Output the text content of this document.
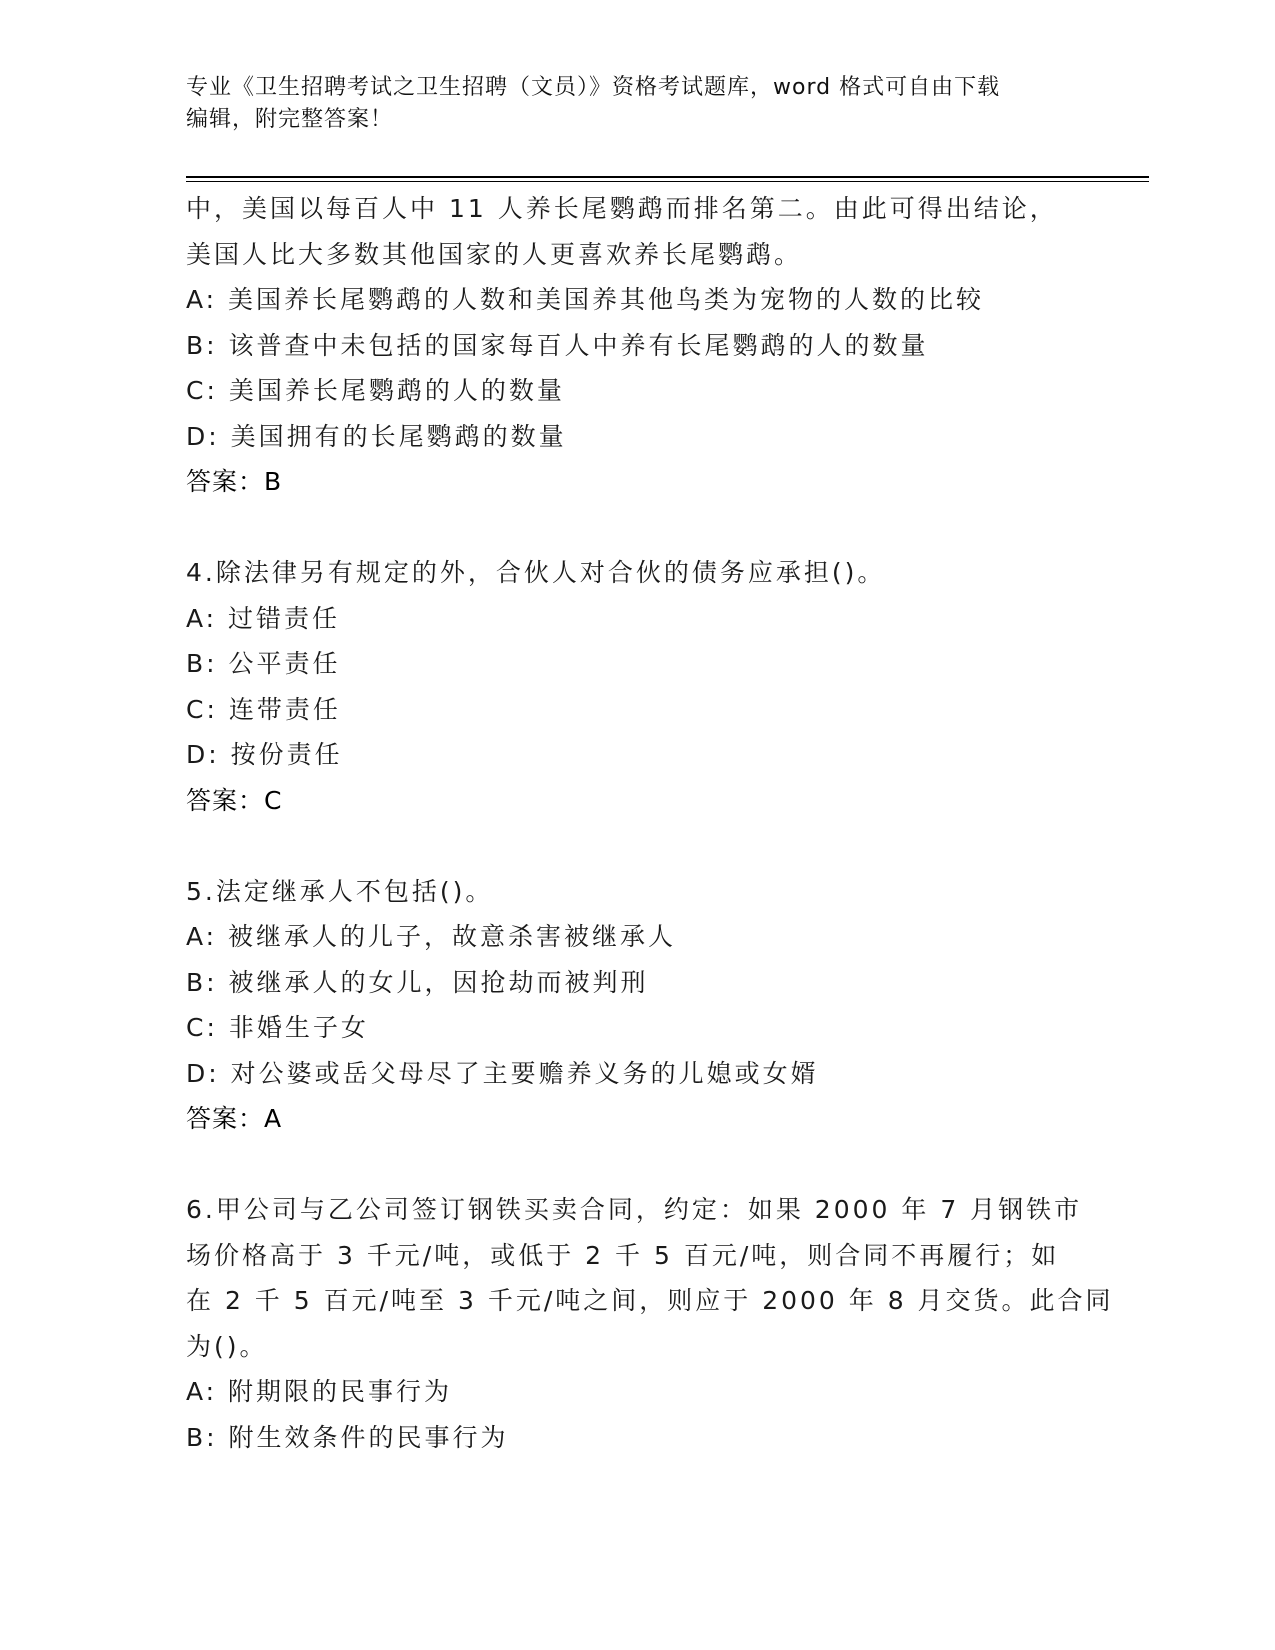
专业《卫生招聘考试之卫生招聘（文员）》资格考试题库，word 格式可自由下载
编辑，附完整答案！
中，美国以每百人中 11 人养长尾鹦鹉而排名第二。由此可得出结论，
美国人比大多数其他国家的人更喜欢养长尾鹦鹉。
A: 美国养长尾鹦鹉的人数和美国养其他鸟类为宠物的人数的比较
B: 该普查中未包括的国家每百人中养有长尾鹦鹉的人的数量
C: 美国养长尾鹦鹉的人的数量
D: 美国拥有的长尾鹦鹉的数量
答案：B
4.除法律另有规定的外，合伙人对合伙的债务应承担()。
A: 过错责任
B: 公平责任
C: 连带责任
D: 按份责任
答案：C
5.法定继承人不包括()。
A: 被继承人的儿子，故意杀害被继承人
B: 被继承人的女儿，因抢劫而被判刑
C: 非婚生子女
D: 对公婆或岳父母尽了主要赡养义务的儿媳或女婿
答案：A
6.甲公司与乙公司签订钢铁买卖合同，约定：如果 2000 年 7 月钢铁市
场价格高于 3 千元/吨，或低于 2 千 5 百元/吨，则合同不再履行；如
在 2 千 5 百元/吨至 3 千元/吨之间，则应于 2000 年 8 月交货。此合同
为()。
A: 附期限的民事行为
B: 附生效条件的民事行为
